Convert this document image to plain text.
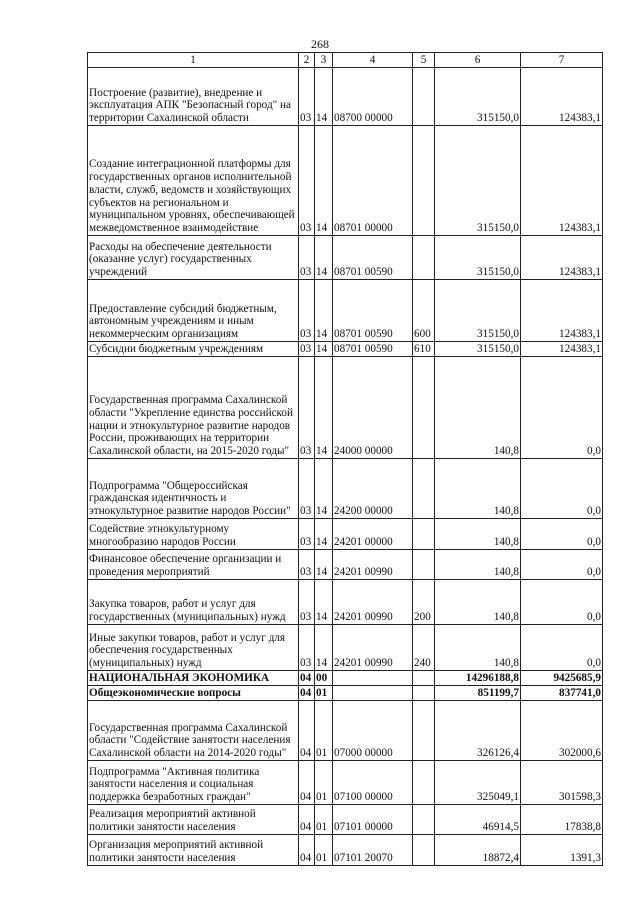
268
1	2	3	4	5	6	7
Построение (развитие), внедрение и эксплуатация АПК "Безопасный город" на территории Сахалинской области	03	14	08700 00000		315150,0	124383,1
Создание интеграционной платформы для государственных органов исполнительной власти, служб, ведомств и хозяйствующих субъектов на региональном и муниципальном уровнях, обеспечивающей межведомственное взаимодействие	03	14	08701 00000		315150,0	124383,1
Расходы на обеспечение деятельности (оказание услуг) государственных учреждений	03	14	08701 00590		315150,0	124383,1
Предоставление субсидий бюджетным, автономным учреждениям и иным некоммерческим организациям	03	14	08701 00590	600	315150,0	124383,1
Субсидии бюджетным учреждениям	03	14	08701 00590	610	315150,0	124383,1
Государственная программа Сахалинской области "Укрепление единства российской нации и этнокультурное развитие народов России, проживающих на территории Сахалинской области, на 2015-2020 годы"	03	14	24000 00000		140,8	0,0
Подпрограмма "Общероссийская гражданская идентичность и этнокультурное развитие народов России"	03	14	24200 00000		140,8	0,0
Содействие этнокультурному многообразию народов России	03	14	24201 00000		140,8	0,0
Финансовое обеспечение организации и проведения мероприятий	03	14	24201 00990		140,8	0,0
Закупка товаров, работ и услуг для государственных (муниципальных) нужд	03	14	24201 00990	200	140,8	0,0
Иные закупки товаров, работ и услуг для обеспечения государственных (муниципальных) нужд	03	14	24201 00990	240	140,8	0,0
НАЦИОНАЛЬНАЯ ЭКОНОМИКА	04	00			14296188,8	9425685,9
Общеэкономические вопросы	04	01			851199,7	837741,0
Государственная программа Сахалинской области "Содействие занятости населения Сахалинской области на 2014-2020 годы"	04	01	07000 00000		326126,4	302000,6
Подпрограмма "Активная политика занятости населения и социальная поддержка безработных граждан"	04	01	07100 00000		325049,1	301598,3
Реализация мероприятий активной политики занятости населения	04	01	07101 00000		46914,5	17838,8
Организация мероприятий активной политики занятости населения	04	01	07101 20070		18872,4	1391,3
